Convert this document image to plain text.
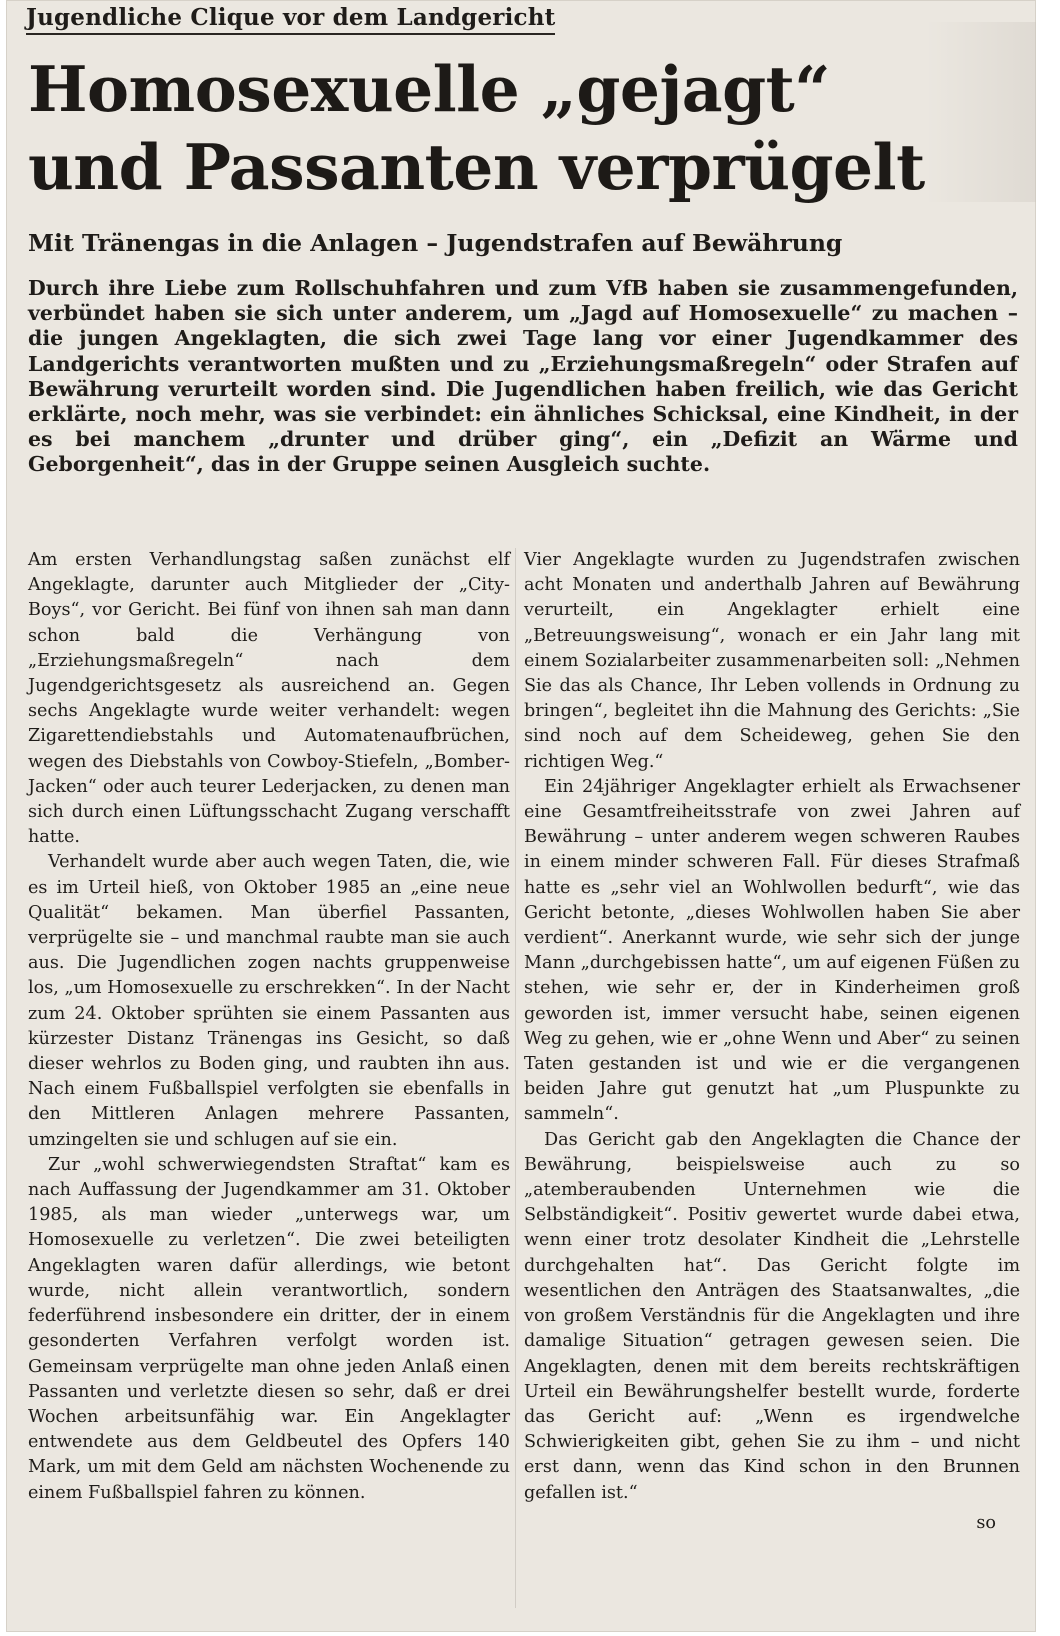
Jugendliche Clique vor dem Landgericht
Homosexuelle „gejagt“
und Passanten verprügelt
Mit Tränengas in die Anlagen – Jugendstrafen auf Bewährung
Durch ihre Liebe zum Rollschuhfahren und zum VfB haben sie zusammengefunden, verbündet haben sie sich unter anderem, um „Jagd auf Homosexuelle“ zu machen – die jungen Angeklagten, die sich zwei Tage lang vor einer Jugendkammer des Landgerichts verantworten mußten und zu „Erziehungsmaßregeln“ oder Strafen auf Bewährung verurteilt worden sind. Die Jugendlichen haben freilich, wie das Gericht erklärte, noch mehr, was sie verbindet: ein ähnliches Schicksal, eine Kindheit, in der es bei manchem „drunter und drüber ging“, ein „Defizit an Wärme und Geborgenheit“, das in der Gruppe seinen Ausgleich suchte.

Am ersten Verhandlungstag saßen zunächst elf Angeklagte, darunter auch Mitglieder der „City-Boys“, vor Gericht. Bei fünf von ihnen sah man dann schon bald die Verhängung von „Erziehungsmaßregeln“ nach dem Jugendgerichtsgesetz als ausreichend an. Gegen sechs Angeklagte wurde weiter verhandelt: wegen Zigarettendiebstahls und Automatenaufbrüchen, wegen des Diebstahls von Cowboy-Stiefeln, „Bomber-Jacken“ oder auch teurer Lederjacken, zu denen man sich durch einen Lüftungsschacht Zugang verschafft hatte.

Verhandelt wurde aber auch wegen Taten, die, wie es im Urteil hieß, von Oktober 1985 an „eine neue Qualität“ bekamen. Man überfiel Passanten, verprügelte sie – und manchmal raubte man sie auch aus. Die Jugendlichen zogen nachts gruppenweise los, „um Homosexuelle zu erschrekken“. In der Nacht zum 24. Oktober sprühten sie einem Passanten aus kürzester Distanz Tränengas ins Gesicht, so daß dieser wehrlos zu Boden ging, und raubten ihn aus. Nach einem Fußballspiel verfolgten sie ebenfalls in den Mittleren Anlagen mehrere Passanten, umzingelten sie und schlugen auf sie ein.

Zur „wohl schwerwiegendsten Straftat“ kam es nach Auffassung der Jugendkammer am 31. Oktober 1985, als man wieder „unterwegs war, um Homosexuelle zu verletzen“. Die zwei beteiligten Angeklagten waren dafür allerdings, wie betont wurde, nicht allein verantwortlich, sondern federführend insbesondere ein dritter, der in einem gesonderten Verfahren verfolgt worden ist. Gemeinsam verprügelte man ohne jeden Anlaß einen Passanten und verletzte diesen so sehr, daß er drei Wochen arbeitsunfähig war. Ein Angeklagter entwendete aus dem Geldbeutel des Opfers 140 Mark, um mit dem Geld am nächsten Wochenende zu einem Fußballspiel fahren zu können.

Vier Angeklagte wurden zu Jugendstrafen zwischen acht Monaten und anderthalb Jahren auf Bewährung verurteilt, ein Angeklagter erhielt eine „Betreuungsweisung“, wonach er ein Jahr lang mit einem Sozialarbeiter zusammenarbeiten soll: „Nehmen Sie das als Chance, Ihr Leben vollends in Ordnung zu bringen“, begleitet ihn die Mahnung des Gerichts: „Sie sind noch auf dem Scheideweg, gehen Sie den richtigen Weg.“

Ein 24jähriger Angeklagter erhielt als Erwachsener eine Gesamtfreiheitsstrafe von zwei Jahren auf Bewährung – unter anderem wegen schweren Raubes in einem minder schweren Fall. Für dieses Strafmaß hatte es „sehr viel an Wohlwollen bedurft“, wie das Gericht betonte, „dieses Wohlwollen haben Sie aber verdient“. Anerkannt wurde, wie sehr sich der junge Mann „durchgebissen hatte“, um auf eigenen Füßen zu stehen, wie sehr er, der in Kinderheimen groß geworden ist, immer versucht habe, seinen eigenen Weg zu gehen, wie er „ohne Wenn und Aber“ zu seinen Taten gestanden ist und wie er die vergangenen beiden Jahre gut genutzt hat „um Pluspunkte zu sammeln“.

Das Gericht gab den Angeklagten die Chance der Bewährung, beispielsweise auch zu so „atemberaubenden Unternehmen wie die Selbständigkeit“. Positiv gewertet wurde dabei etwa, wenn einer trotz desolater Kindheit die „Lehrstelle durchgehalten hat“. Das Gericht folgte im wesentlichen den Anträgen des Staatsanwaltes, „die von großem Verständnis für die Angeklagten und ihre damalige Situation“ getragen gewesen seien. Die Angeklagten, denen mit dem bereits rechtskräftigen Urteil ein Bewährungshelfer bestellt wurde, forderte das Gericht auf: „Wenn es irgendwelche Schwierigkeiten gibt, gehen Sie zu ihm – und nicht erst dann, wenn das Kind schon in den Brunnen gefallen ist.“

so
